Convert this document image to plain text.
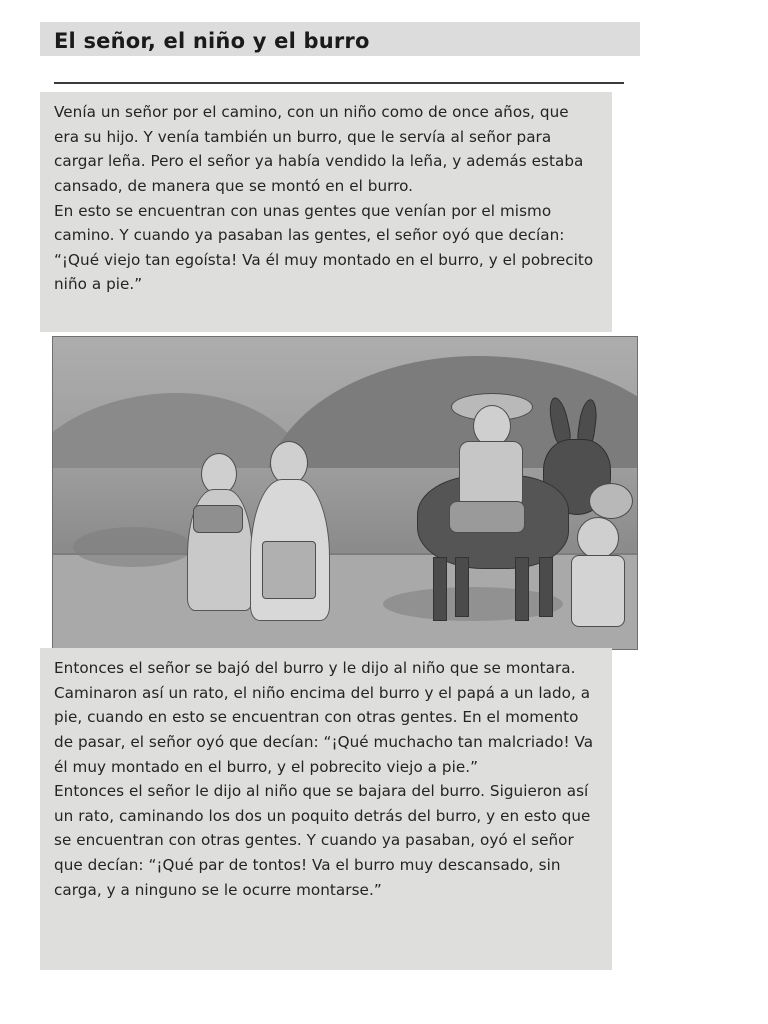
El señor, el niño y el burro

Venía un señor por el camino, con un niño como de once años, que era su hijo. Y venía también un burro, que le servía al señor para cargar leña. Pero el señor ya había vendido la leña, y además estaba cansado, de manera que se montó en el burro.

En esto se encuentran con unas gentes que venían por el mismo camino. Y cuando ya pasaban las gentes, el señor oyó que decían: “¡Qué viejo tan egoísta! Va él muy montado en el burro, y el pobrecito niño a pie.”

Entonces el señor se bajó del burro y le dijo al niño que se montara. Caminaron así un rato, el niño encima del burro y el papá a un lado, a pie, cuando en esto se encuentran con otras gentes. En el momento de pasar, el señor oyó que decían: “¡Qué muchacho tan malcriado! Va él muy montado en el burro, y el pobrecito viejo a pie.”

Entonces el señor le dijo al niño que se bajara del burro. Siguieron así un rato, caminando los dos un poquito detrás del burro, y en esto que se encuentran con otras gentes. Y cuando ya pasaban, oyó el señor que decían: “¡Qué par de tontos! Va el burro muy descansado, sin carga, y a ninguno se le ocurre montarse.”
